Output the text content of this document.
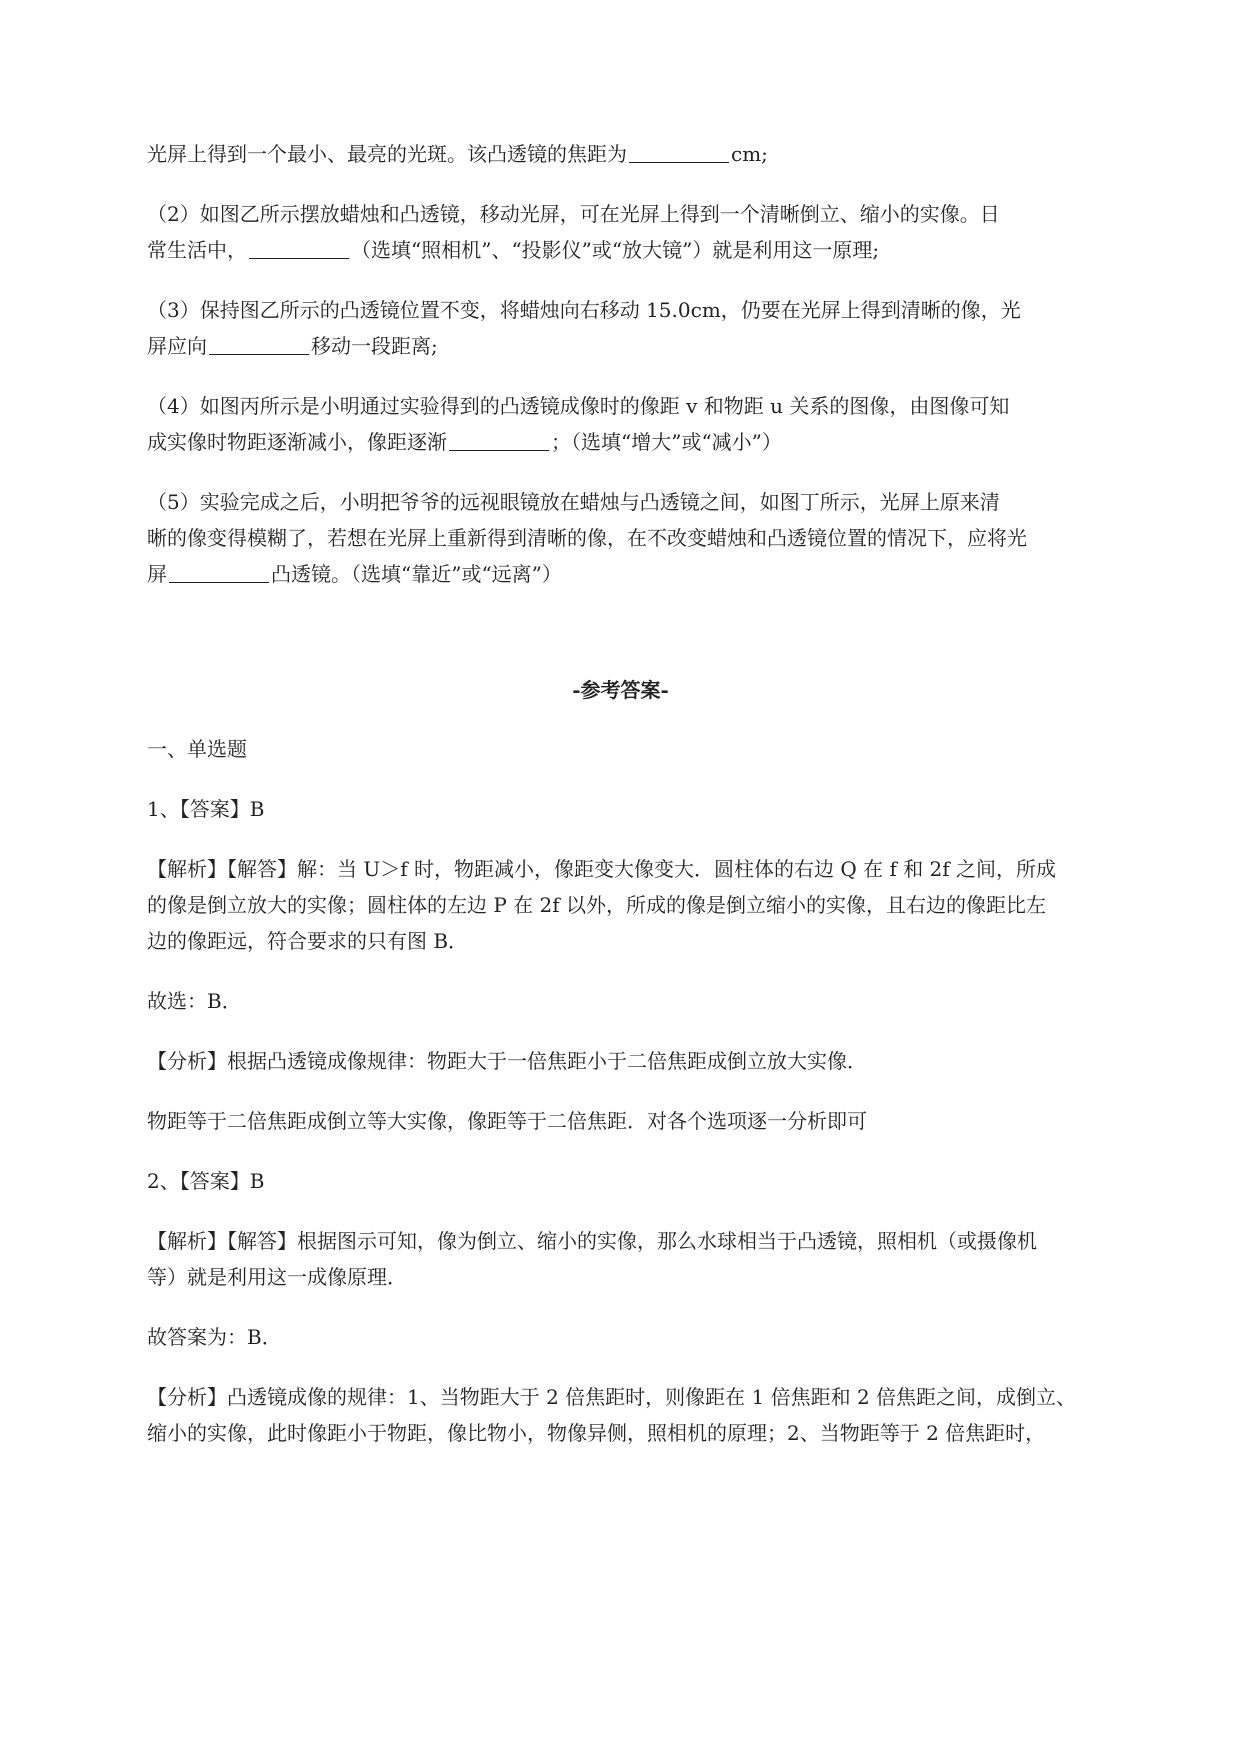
光屏上得到一个最小、最亮的光斑。该凸透镜的焦距为	cm;
（2）如图乙所示摆放蜡烛和凸透镜，移动光屏，可在光屏上得到一个清晰倒立、缩小的实像。日
常生活中，	（选填“照相机”、“投影仪”或“放大镜”）就是利用这一原理;
（3）保持图乙所示的凸透镜位置不变，将蜡烛向右移动 15.0cm，仍要在光屏上得到清晰的像，光
屏应向	移动一段距离;
（4）如图丙所示是小明通过实验得到的凸透镜成像时的像距 v 和物距 u 关系的图像，由图像可知
成实像时物距逐渐减小，像距逐渐	；（选填“增大”或“减小”）
（5）实验完成之后，小明把爷爷的远视眼镜放在蜡烛与凸透镜之间，如图丁所示，光屏上原来清
晰的像变得模糊了，若想在光屏上重新得到清晰的像，在不改变蜡烛和凸透镜位置的情况下，应将光
屏	凸透镜。（选填“靠近”或“远离”）
-参考答案-
一、单选题
1、【答案】B
【解析】【解答】解：当 U＞f 时，物距减小，像距变大像变大．圆柱体的右边 Q 在 f 和 2f 之间，所成
的像是倒立放大的实像；圆柱体的左边 P 在 2f 以外，所成的像是倒立缩小的实像，且右边的像距比左
边的像距远，符合要求的只有图 B．
故选：B．
【分析】根据凸透镜成像规律：物距大于一倍焦距小于二倍焦距成倒立放大实像．
物距等于二倍焦距成倒立等大实像，像距等于二倍焦距．对各个选项逐一分析即可
2、【答案】B
【解析】【解答】根据图示可知，像为倒立、缩小的实像，那么水球相当于凸透镜，照相机（或摄像机
等）就是利用这一成像原理．
故答案为：B．
【分析】凸透镜成像的规律：1、当物距大于 2 倍焦距时，则像距在 1 倍焦距和 2 倍焦距之间，成倒立、
缩小的实像，此时像距小于物距，像比物小，物像异侧，照相机的原理；2、当物距等于 2 倍焦距时，
